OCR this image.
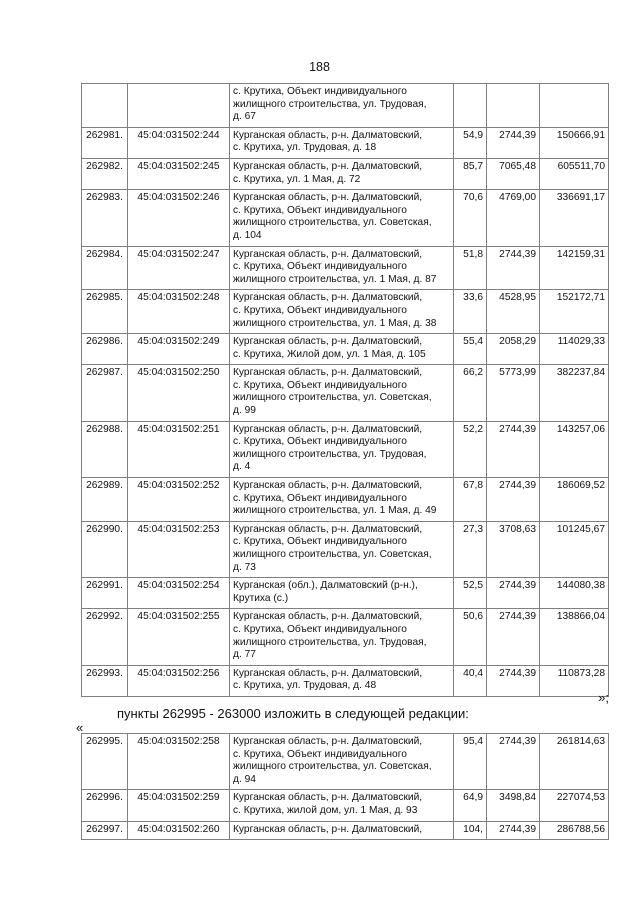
188
		с. Крутиха, Объект индивидуального
жилищного строительства, ул. Трудовая,
д. 67			
262981.	45:04:031502:244	Курганская область, р-н. Далматовский,
с. Крутиха, ул. Трудовая, д. 18	54,9	2744,39	150666,91
262982.	45:04:031502:245	Курганская область, р-н. Далматовский,
с. Крутиха, ул. 1 Мая, д. 72	85,7	7065,48	605511,70
262983.	45:04:031502:246	Курганская область, р-н. Далматовский,
с. Крутиха, Объект индивидуального
жилищного строительства, ул. Советская,
д. 104	70,6	4769,00	336691,17
262984.	45:04:031502:247	Курганская область, р-н. Далматовский,
с. Крутиха, Объект индивидуального
жилищного строительства, ул. 1 Мая, д. 87	51,8	2744,39	142159,31
262985.	45:04:031502:248	Курганская область, р-н. Далматовский,
с. Крутиха, Объект индивидуального
жилищного строительства, ул. 1 Мая, д. 38	33,6	4528,95	152172,71
262986.	45:04:031502:249	Курганская область, р-н. Далматовский,
с. Крутиха, Жилой дом, ул. 1 Мая, д. 105	55,4	2058,29	114029,33
262987.	45:04:031502:250	Курганская область, р-н. Далматовский,
с. Крутиха, Объект индивидуального
жилищного строительства, ул. Советская,
д. 99	66,2	5773,99	382237,84
262988.	45:04:031502:251	Курганская область, р-н. Далматовский,
с. Крутиха, Объект индивидуального
жилищного строительства, ул. Трудовая,
д. 4	52,2	2744,39	143257,06
262989.	45:04:031502:252	Курганская область, р-н. Далматовский,
с. Крутиха, Объект индивидуального
жилищного строительства, ул. 1 Мая, д. 49	67,8	2744,39	186069,52
262990.	45:04:031502:253	Курганская область, р-н. Далматовский,
с. Крутиха, Объект индивидуального
жилищного строительства, ул. Советская,
д. 73	27,3	3708,63	101245,67
262991.	45:04:031502:254	Курганская (обл.), Далматовский (р-н.),
Крутиха (с.)	52,5	2744,39	144080,38
262992.	45:04:031502:255	Курганская область, р-н. Далматовский,
с. Крутиха, Объект индивидуального
жилищного строительства, ул. Трудовая,
д. 77	50,6	2744,39	138866,04
262993.	45:04:031502:256	Курганская область, р-н. Далматовский,
с. Крутиха, ул. Трудовая, д. 48	40,4	2744,39	110873,28
»;
пункты 262995 - 263000 изложить в следующей редакции:
«
262995.	45:04:031502:258	Курганская область, р-н. Далматовский,
с. Крутиха, Объект индивидуального
жилищного строительства, ул. Советская,
д. 94	95,4	2744,39	261814,63
262996.	45:04:031502:259	Курганская область, р-н. Далматовский,
с. Крутиха, жилой дом, ул. 1 Мая, д. 93	64,9	3498,84	227074,53
262997.	45:04:031502:260	Курганская область, р-н. Далматовский,	104,	2744,39	286788,56
